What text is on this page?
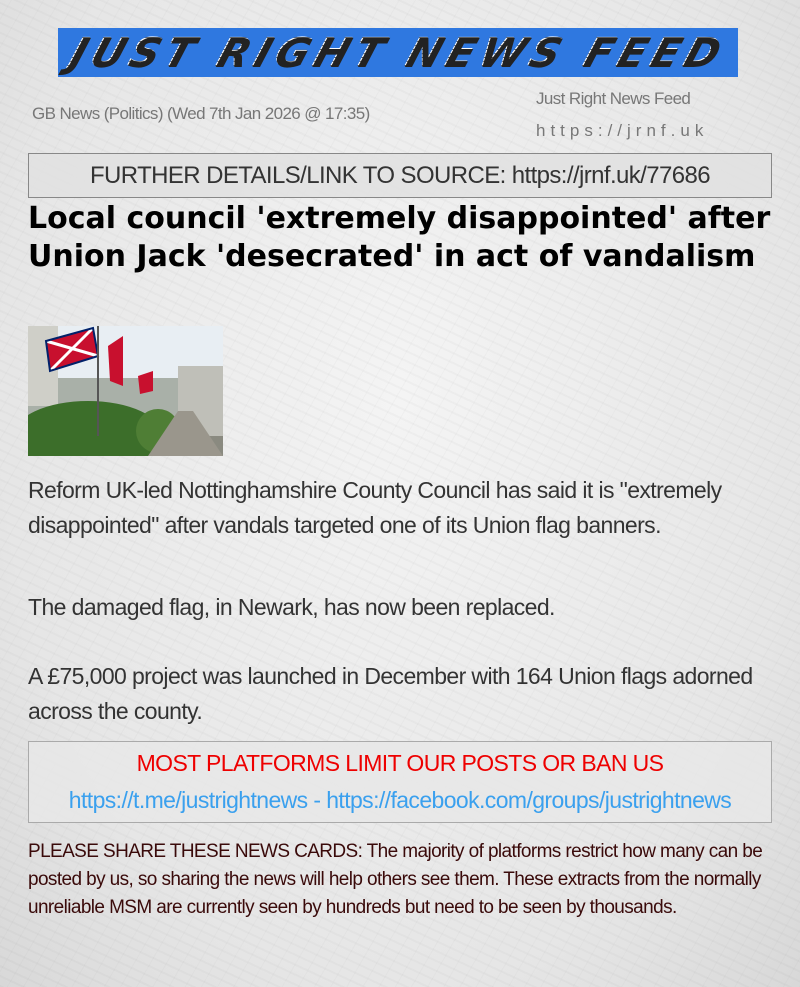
JUST RIGHT NEWS FEED
GB News (Politics) (Wed 7th Jan 2026 @ 17:35)
Just Right News Feed
https://jrnf.uk
FURTHER DETAILS/LINK TO SOURCE: https://jrnf.uk/77686
Local council 'extremely disappointed' after Union Jack 'desecrated' in act of vandalism
Reform UK-led Nottinghamshire County Council has said it is "extremely disappointed" after vandals targeted one of its Union flag banners.
The damaged flag, in Newark, has now been replaced.
A £75,000 project was launched in December with 164 Union flags adorned across the county.
MOST PLATFORMS LIMIT OUR POSTS OR BAN US
https://t.me/justrightnews - https://facebook.com/groups/justrightnews
PLEASE SHARE THESE NEWS CARDS: The majority of platforms restrict how many can be posted by us, so sharing the news will help others see them. These extracts from the normally unreliable MSM are currently seen by hundreds but need to be seen by thousands.
